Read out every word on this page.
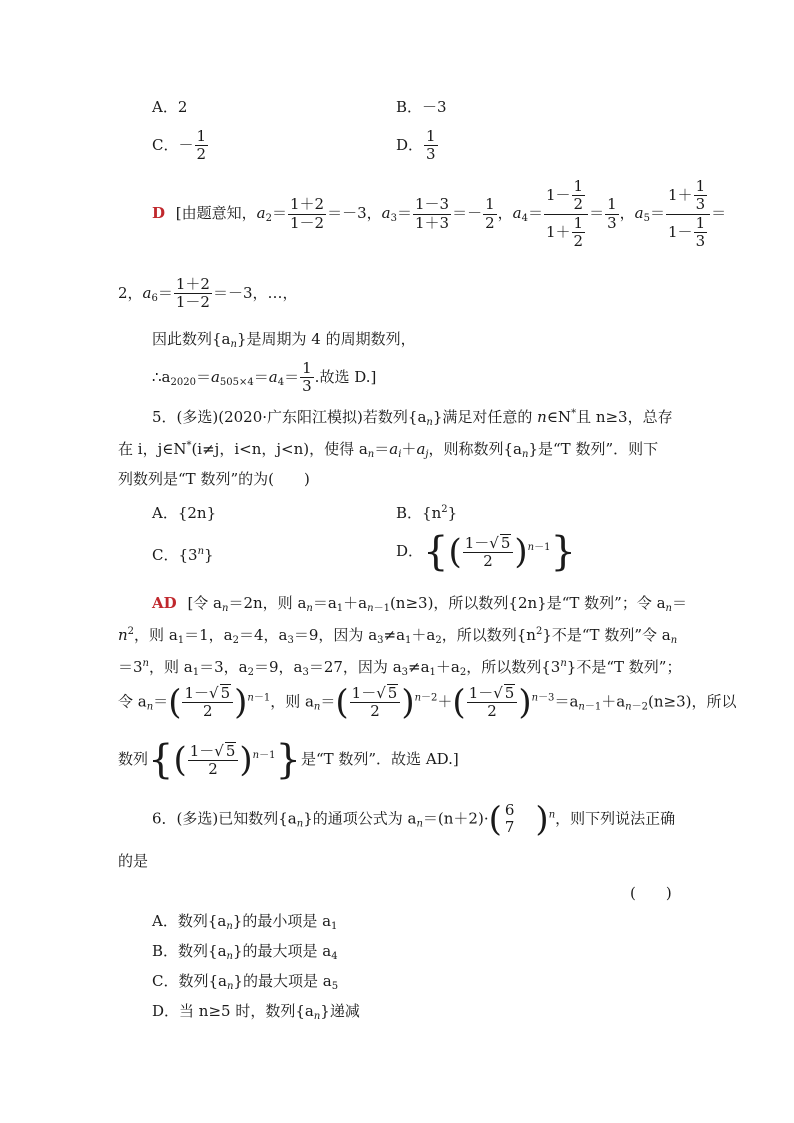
A．2	B．－3
C．－ $\frac{1}{2}$	D． $\frac{1}{3}$
D [由题意知，$a_2= \frac{1+2}{1-2} =-3$，$a_3= \frac{1-3}{1+3} =- \frac{1}{2}$ ，$a_4= \frac{1- \frac{1}{2}}{1+ \frac{1}{2}} = \frac{1}{3}$ ，$a_5= \frac{1+ \frac{1}{3}}{1- \frac{1}{3}}$ ＝
2，$a_6= \frac{1+2}{1-2} =-3$，…，
因此数列$\{a_n\}$是周期为 4 的周期数列，
$\therefore a_{2020}=a_{505\times 4}=a_4= \frac{1}{3}$ .故选 D.]
5．(多选)(2020·广东阳江模拟)若数列$\{a_n\}$满足对任意的 n∈N*且 n≥3，总存
在 i，j∈N*(i≠j，i<n，j<n)，使得 $a_n=a_i+a_j$，则称数列$\{a_n\}$是“T 数列”．则下
列数列是“T 数列”的为(　　)
A．{2n}	B．$\{n^2\}$
C．{3$^n$}	D．{( $\frac{1-√ 5}{2} )^{n-1}$}
AD [令 $a_n=2n$，则 $a_n=a_1+a_{n-1}(n\ge 3)$，所以数列{2n}是“T 数列”；令 $a_n=$
$n^2$，则 $a_1=1$，$a_2=4$，$a_3=9$，因为 $a_3\ne a_1+a_2$，所以数列$\{n^2\}$不是“T 数列”令 $a_n$
$=3^n$，则 $a_1=3$，$a_2=9$，$a_3=27$，因为 $a_3\ne a_1+a_2$，所以数列{3$^n$}不是“T 数列”；
令 $a_n=( \frac{1-√ 5}{2} )^{n-1}$，则 $a_n=( \frac{1-√ 5}{2} )^{n-2}+( \frac{1-√ 5}{2} )^{n-3}=a_{n-1}+a_{n-2}(n\ge 3)$，所以
数列{( $\frac{1-√ 5}{2} )^{n-1}$}是“T 数列”．故选 AD.]
6．(多选)已知数列$\{a_n\}$的通项公式为 $a_n=(n+2)\cdot$( 6
7 )$^n$，则下列说法正确
的是
(　　)
A．数列$\{a_n\}$的最小项是 $a_1$
B．数列$\{a_n\}$的最大项是 $a_4$
C．数列$\{a_n\}$的最大项是 $a_5$
D．当 n≥5 时，数列$\{a_n\}$递减
